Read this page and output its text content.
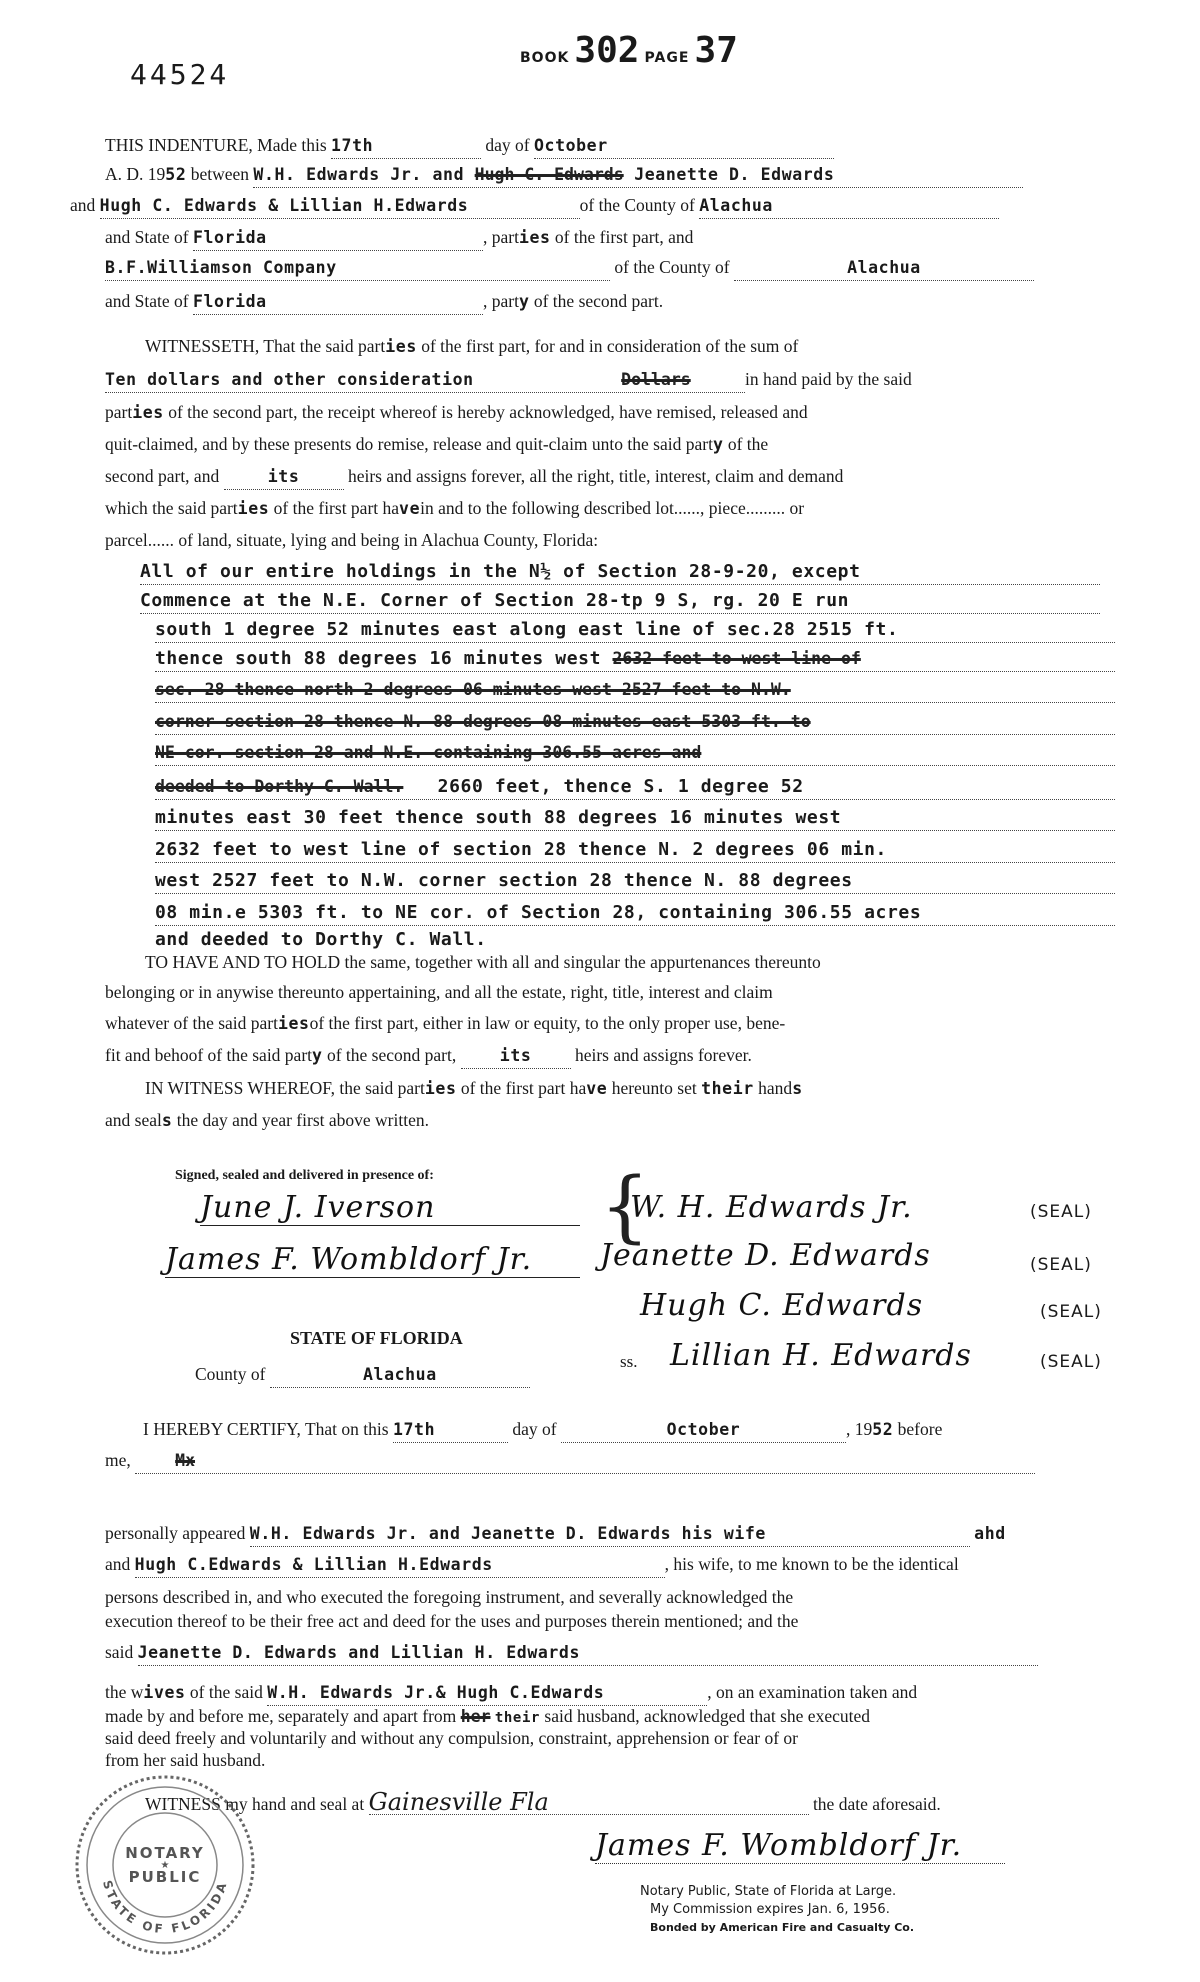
44524	BOOK 302 PAGE 37
THIS INDENTURE, Made this 17th	day of October
A. D. 1952 between W.H. Edwards Jr. and Hugh C. Edwards Jeanette D. Edwards
and Hugh C. Edwards & Lillian H.Edwards	of the County of Alachua
and State of Florida	, parties of the first part, and
B.F.Williamson Company	of the County of	Alachua
and State of Florida	, party of the second part.
WITNESSETH, That the said parties of the first part, for and in consideration of the sum of
Ten dollars and other consideration	Dollars	in hand paid by the said
parties of the second part, the receipt whereof is hereby acknowledged, have remised, released and
quit-claimed, and by these presents do remise, release and quit-claim unto the said party of the
second part, and	its	heirs and assigns forever, all the right, title, interest, claim and demand
which the said parties of the first part havein and to the following described lot......, piece......... or
parcel...... of land, situate, lying and being in Alachua County, Florida:
All of our entire holdings in the N½ of Section 28-9-20, except
Commence at the N.E. Corner of Section 28-tp 9 S, rg. 20 E run
south 1 degree 52 minutes east along east line of sec.28 2515 ft.
thence south 88 degrees 16 minutes west 2632 feet to west line of
sec. 28 thence north 2 degrees 06 minutes west 2527 feet to N.W.
corner section 28 thence N. 88 degrees 08 minutes east 5303 ft. to
NE cor. section 28 and N.E. containing 306.55 acres and
deeded to Dorthy C. Wall. 2660 feet, thence S. 1 degree 52
minutes east 30 feet thence south 88 degrees 16 minutes west
2632 feet to west line of section 28 thence N. 2 degrees 06 min.
west 2527 feet to N.W. corner section 28 thence N. 88 degrees
08 min.e 5303 ft. to NE cor. of Section 28, containing 306.55 acres
and deeded to Dorthy C. Wall.
TO HAVE AND TO HOLD the same, together with all and singular the appurtenances thereunto
belonging or in anywise thereunto appertaining, and all the estate, right, title, interest and claim
whatever of the said partiesof the first part, either in law or equity, to the only proper use, bene-
fit and behoof of the said party of the second part,	its heirs and assigns forever.
IN WITNESS WHEREOF, the said parties of the first part have hereunto set their hands
and seals the day and year first above written.
Signed, sealed and delivered in presence of:
June J. Iverson
James F. Wombldorf Jr.
{
W. H. Edwards Jr.	(SEAL)
Jeanette D. Edwards	(SEAL)
Hugh C. Edwards	(SEAL)
ss. Lillian H. Edwards	(SEAL)
STATE OF FLORIDA
County of	Alachua
I HEREBY CERTIFY, That on this 17th	day of	October	, 1952 before
me,	Mx
personally appeared W.H. Edwards Jr. and Jeanette D. Edwards his wife	ahd
and Hugh C.Edwards & Lillian H.Edwards	, his wife, to me known to be the identical
persons described in, and who executed the foregoing instrument, and severally acknowledged the
execution thereof to be their free act and deed for the uses and purposes therein mentioned; and the
said Jeanette D. Edwards and Lillian H. Edwards
the wives of the said W.H. Edwards Jr.& Hugh C.Edwards	, on an examination taken and
made by and before me, separately and apart from her their said husband, acknowledged that she executed
said deed freely and voluntarily and without any compulsion, constraint, apprehension or fear of or
from her said husband.
WITNESS my hand and seal at Gainesville Fla	the date aforesaid.
James F. Wombldorf Jr.
Notary Public, State of Florida at Large.
My Commission expires Jan. 6, 1956.
Bonded by American Fire and Casualty Co.
STATE OF FLORIDA
NOTARY
PUBLIC
★
